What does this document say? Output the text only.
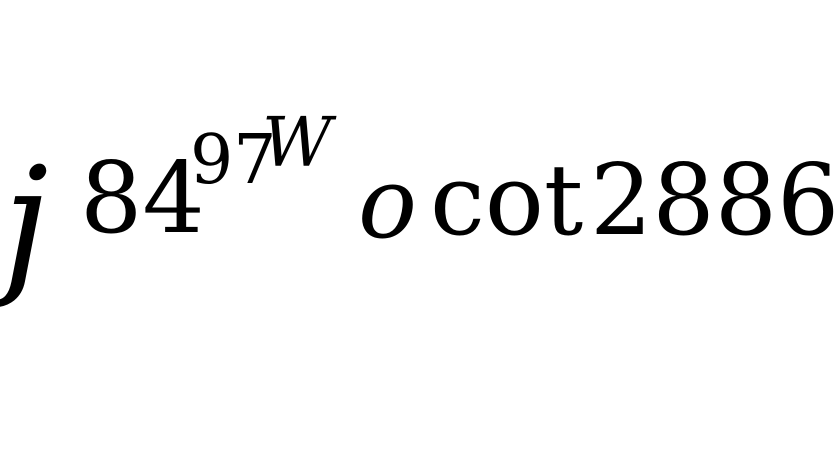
j 84
97
W
o cot 2886
